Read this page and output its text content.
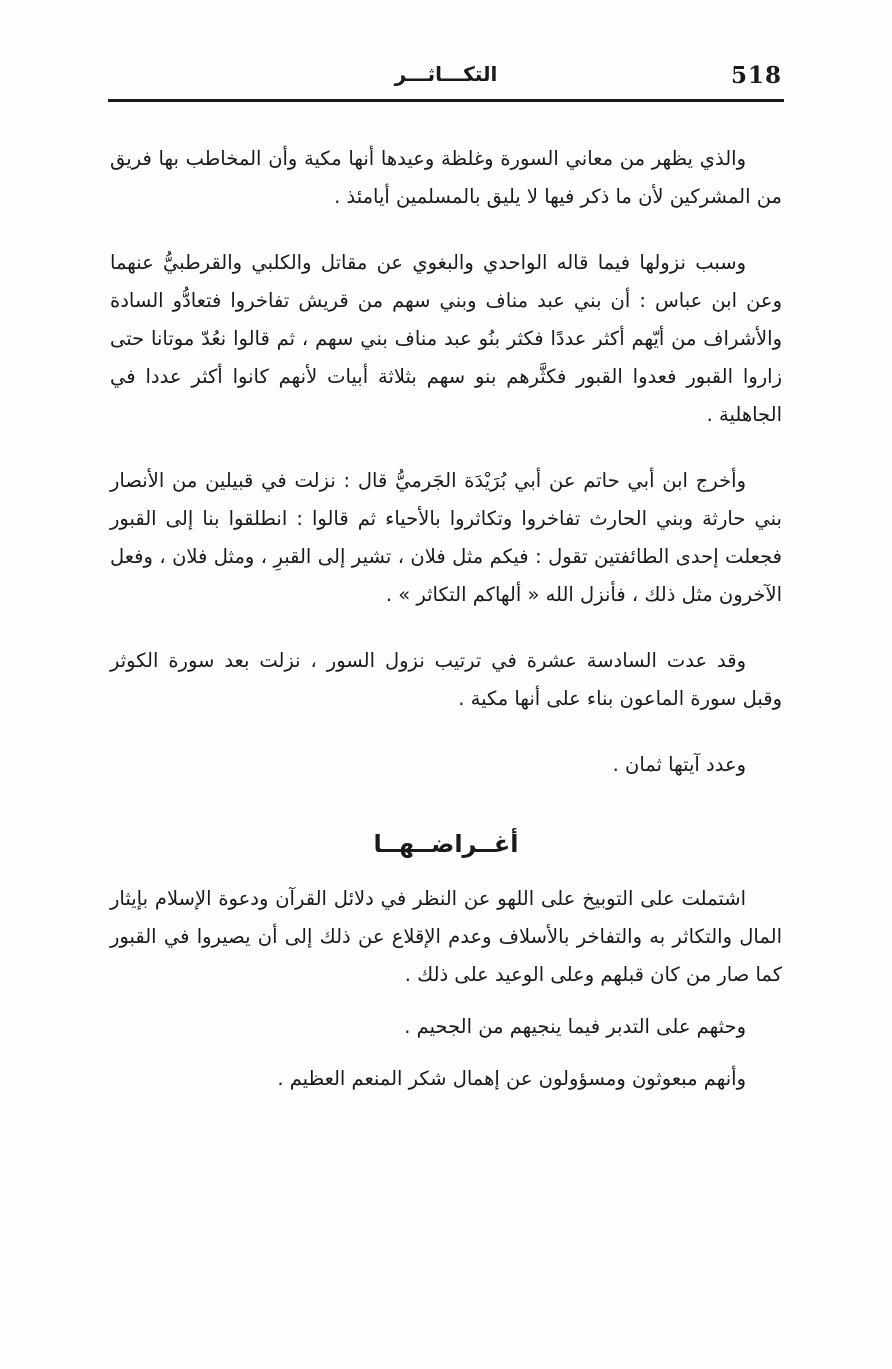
518
التكـــاثـــر

والذي يظهر من معاني السورة وغلظة وعيدها أنها مكية وأن المخاطب بها فريق من المشركين لأن ما ذكر فيها لا يليق بالمسلمين أيامئذ .

وسبب نزولها فيما قاله الواحدي والبغوي عن مقاتل والكلبي والقرطبيُّ عنهما وعن ابن عباس : أن بني عبد مناف وبني سهم من قريش تفاخروا فتعادُّو السادة والأشراف من أيّهم أكثر عددًا فكثر بنُو عبد مناف بني سهم ، ثم قالوا نعُدّ موتانا حتى زاروا القبور فعدوا القبور فكثَّرهم بنو سهم بثلاثة أبيات لأنهم كانوا أكثر عددا في الجاهلية .

وأخرج ابن أبي حاتم عن أبي بُرَيْدَة الجَرميُّ قال : نزلت في قبيلين من الأنصار بني حارثة وبني الحارث تفاخروا وتكاثروا بالأحياء ثم قالوا : انطلقوا بنا إلى القبور فجعلت إحدى الطائفتين تقول : فيكم مثل فلان ، تشير إلى القبرِ ، ومثل فلان ، وفعل الآخرون مثل ذلك ، فأنزل الله « ألهاكم التكاثر » .

وقد عدت السادسة عشرة في ترتيب نزول السور ، نزلت بعد سورة الكوثر وقبل سورة الماعون بناء على أنها مكية .

وعدد آيتها ثمان .

أغــراضــهــا

اشتملت على التوبيخ على اللهو عن النظر في دلائل القرآن ودعوة الإسلام بإيثار المال والتكاثر به والتفاخر بالأسلاف وعدم الإقلاع عن ذلك إلى أن يصيروا في القبور كما صار من كان قبلهم وعلى الوعيد على ذلك .

وحثهم على التدبر فيما ينجيهم من الجحيم .

وأنهم مبعوثون ومسؤولون عن إهمال شكر المنعم العظيم .
